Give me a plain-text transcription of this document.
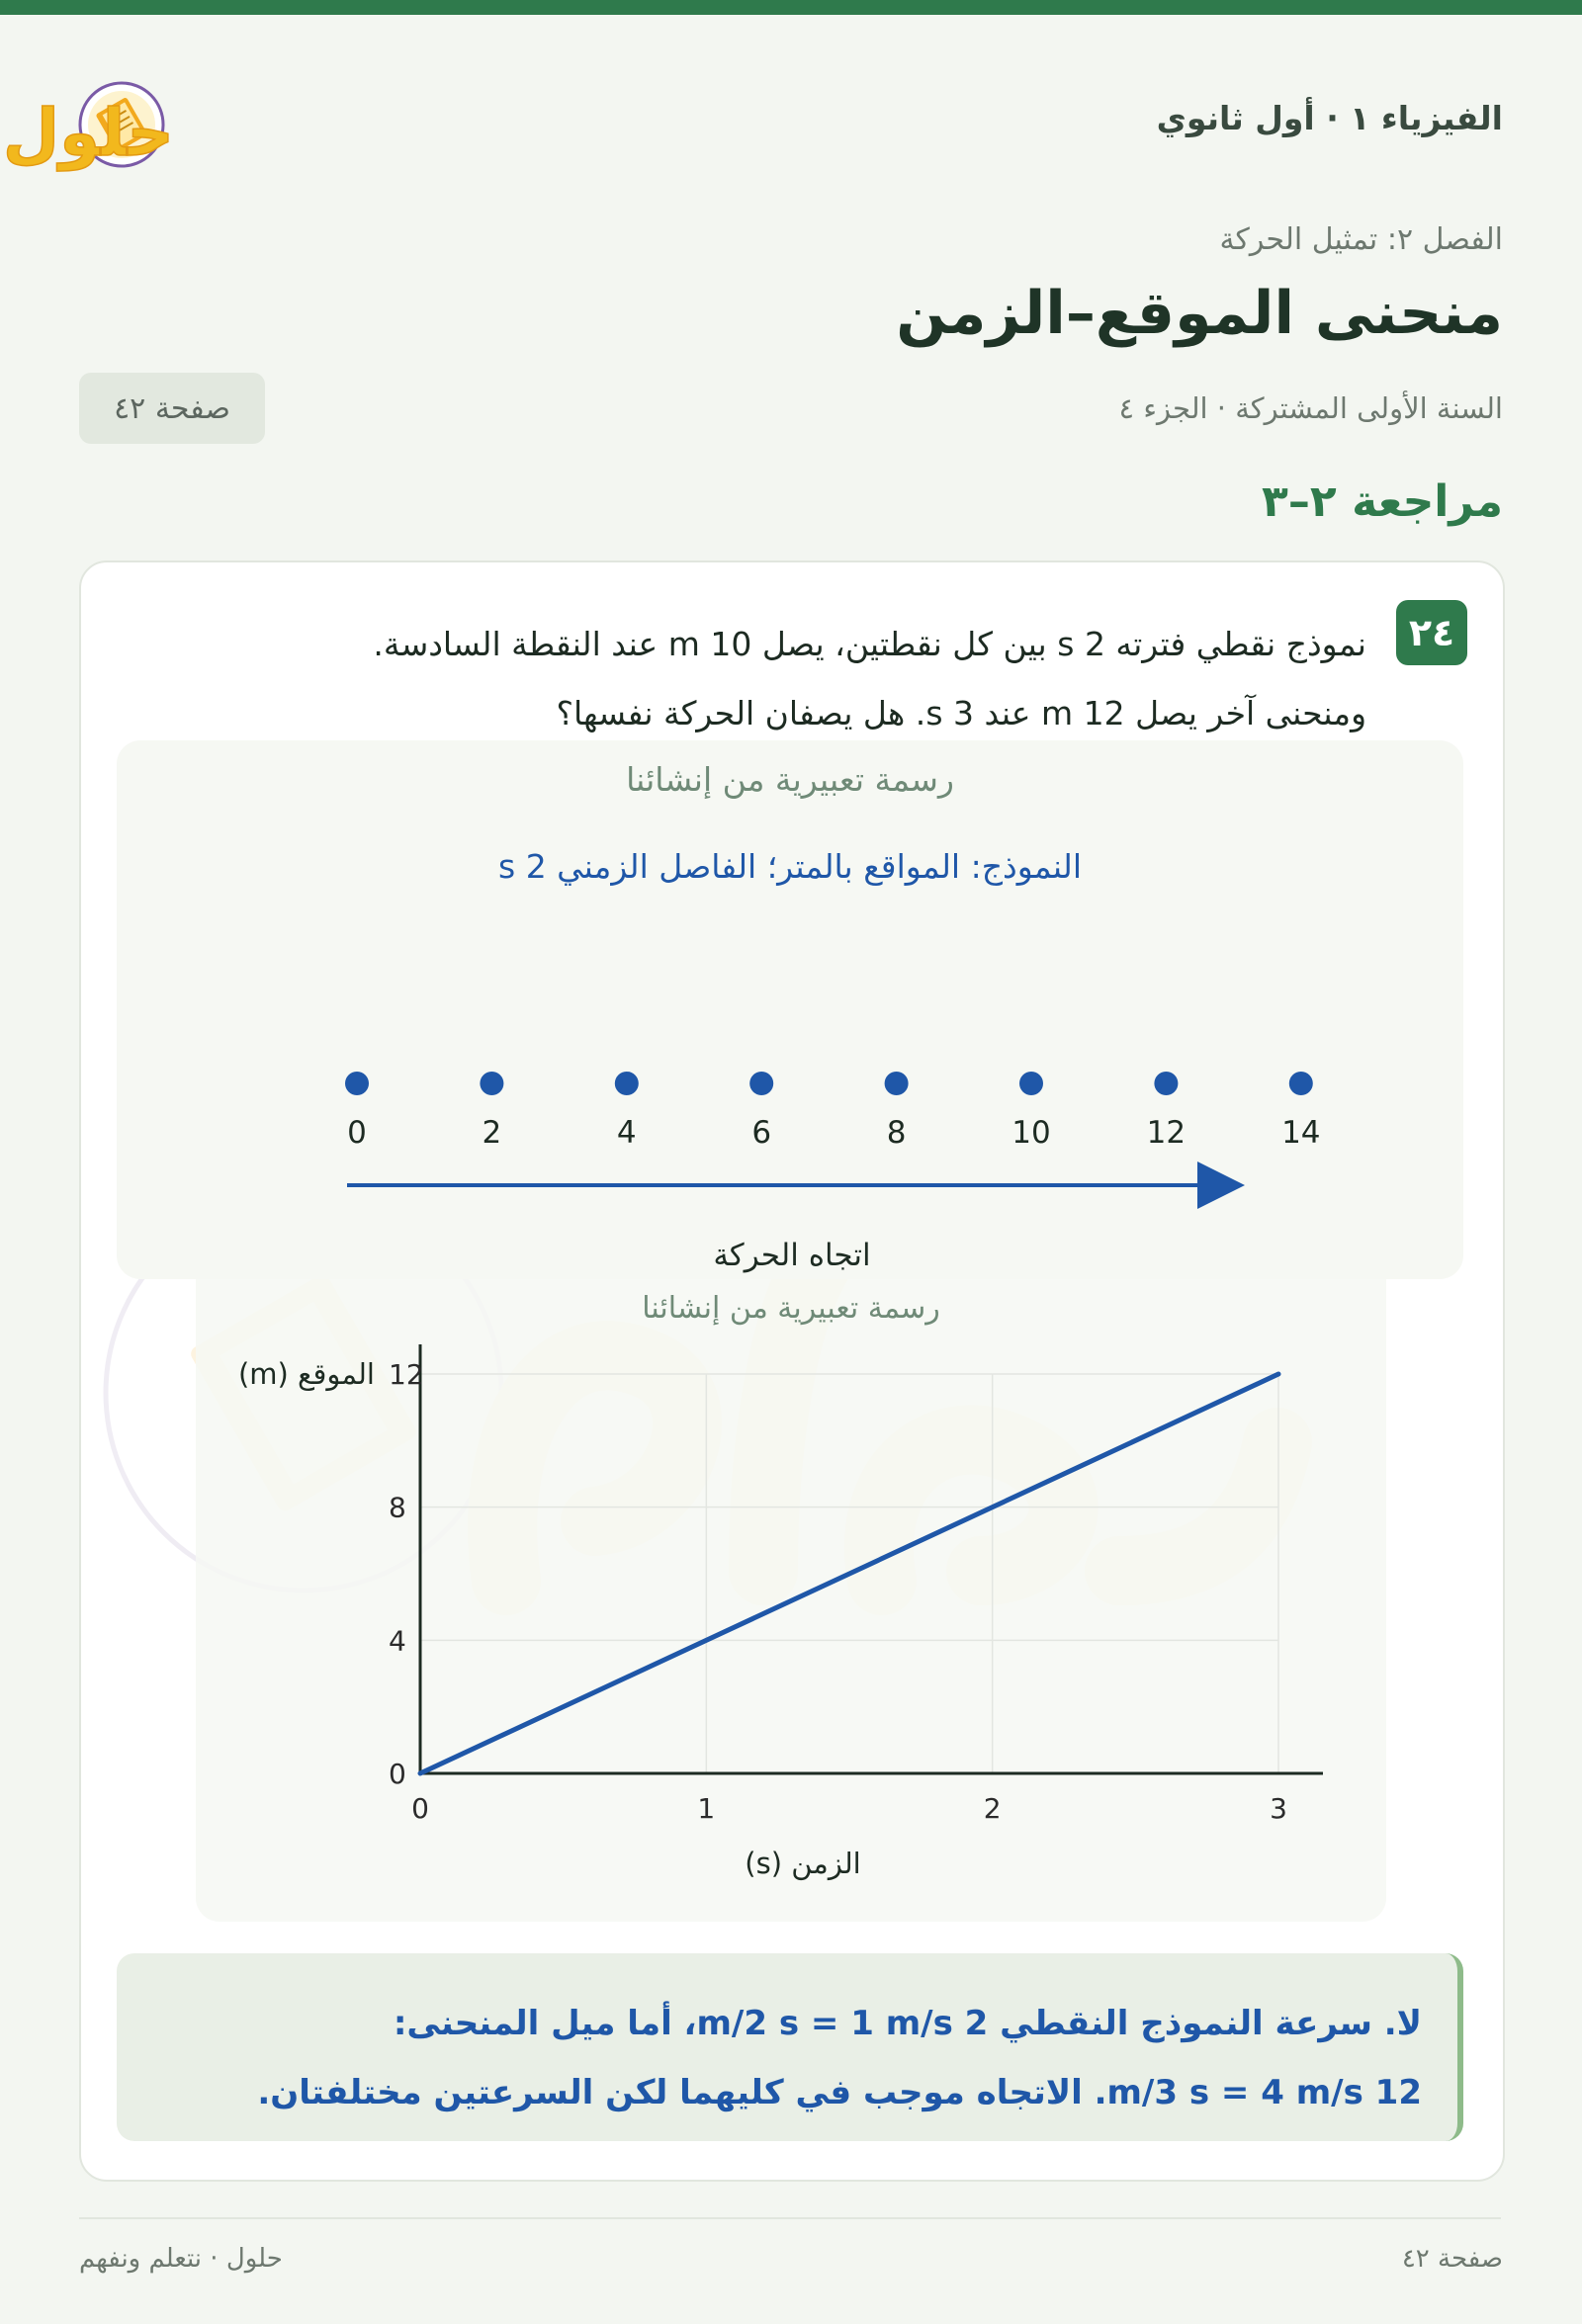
حلول	الفيزياء ١ · أول ثانوي
الفصل ٢: تمثيل الحركة
منحنى الموقع–الزمن
السنة الأولى المشتركة · الجزء ٤
صفحة ٤٢
مراجعة ٢–٣
٢٤

نموذج نقطي فترته 2 s بين كل نقطتين، يصل 10 m عند النقطة السادسة.
ومنحنى آخر يصل 12 m عند 3 s. هل يصفان الحركة نفسها؟

رسمة تعبيرية من إنشائنا
النموذج: المواقع بالمتر؛ الفاصل الزمني 2 s
اتجاه الحركة
0	2	4	6	8	10	12	14
رسمة تعبيرية من إنشائنا
الموقع (m)
الزمن (s)
0
4
8
12
0	1	2	3

لا. سرعة النموذج النقطي 2 m/2 s = 1 m/s، أما ميل المنحنى:
12 m/3 s = 4 m/s. الاتجاه موجب في كليهما لكن السرعتين مختلفتان.

صفحة ٤٢
حلول · نتعلم ونفهم
